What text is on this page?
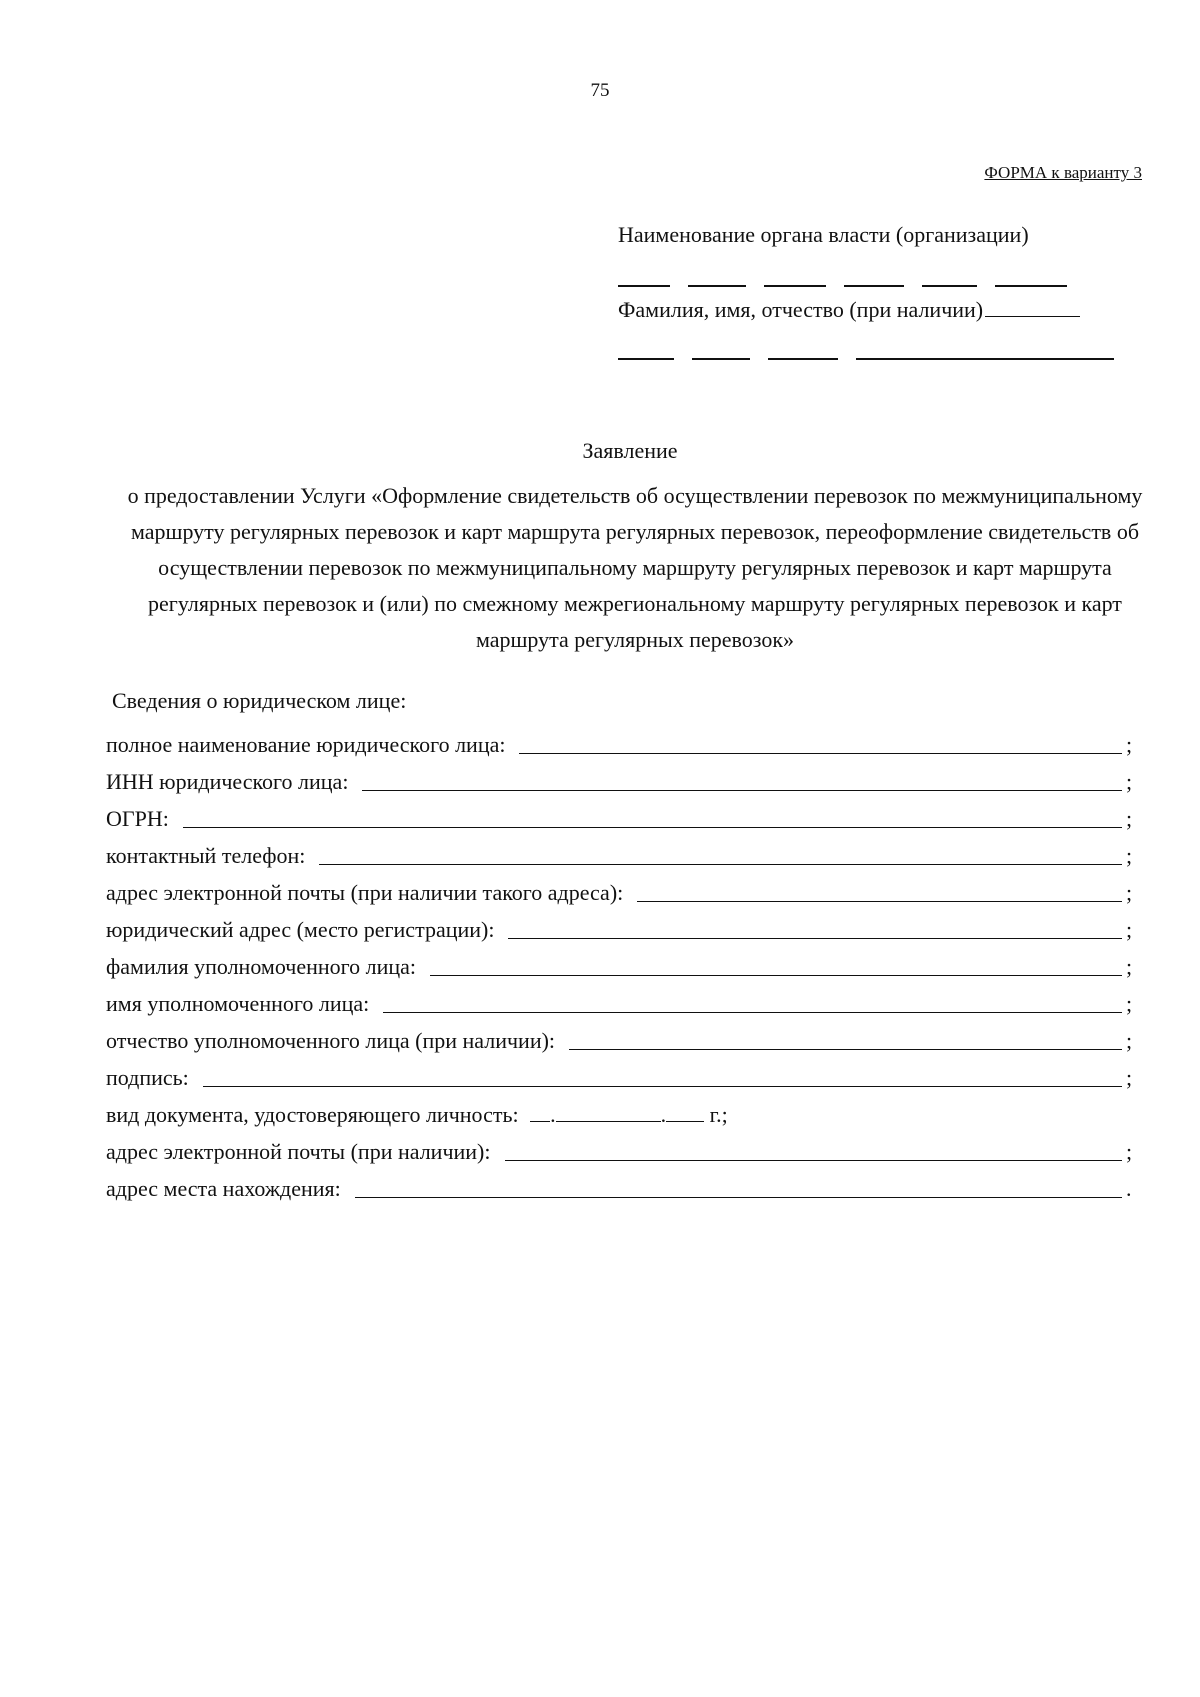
75
ФОРМА к варианту 3
Наименование органа власти (организации)
Фамилия, имя, отчество (при наличии)
Заявление
о предоставлении Услуги «Оформление свидетельств об осуществлении перевозок по межмуниципальному маршруту регулярных перевозок и карт маршрута регулярных перевозок, переоформление свидетельств об осуществлении перевозок по межмуниципальному маршруту регулярных перевозок и карт маршрута регулярных перевозок и (или) по смежному межрегиональному маршруту регулярных перевозок и карт маршрута регулярных перевозок»
Сведения о юридическом лице:
полное наименование юридического лица:	;
ИНН юридического лица:	;
ОГРН:	;
контактный телефон:	;
адрес электронной почты (при наличии такого адреса):	;
юридический адрес (место регистрации):	;
фамилия уполномоченного лица:	;
имя уполномоченного лица:	;
отчество уполномоченного лица (при наличии):	;
подпись:	;
вид документа, удостоверяющего личность: .	. г.;
адрес электронной почты (при наличии):	;
адрес места нахождения:	.
